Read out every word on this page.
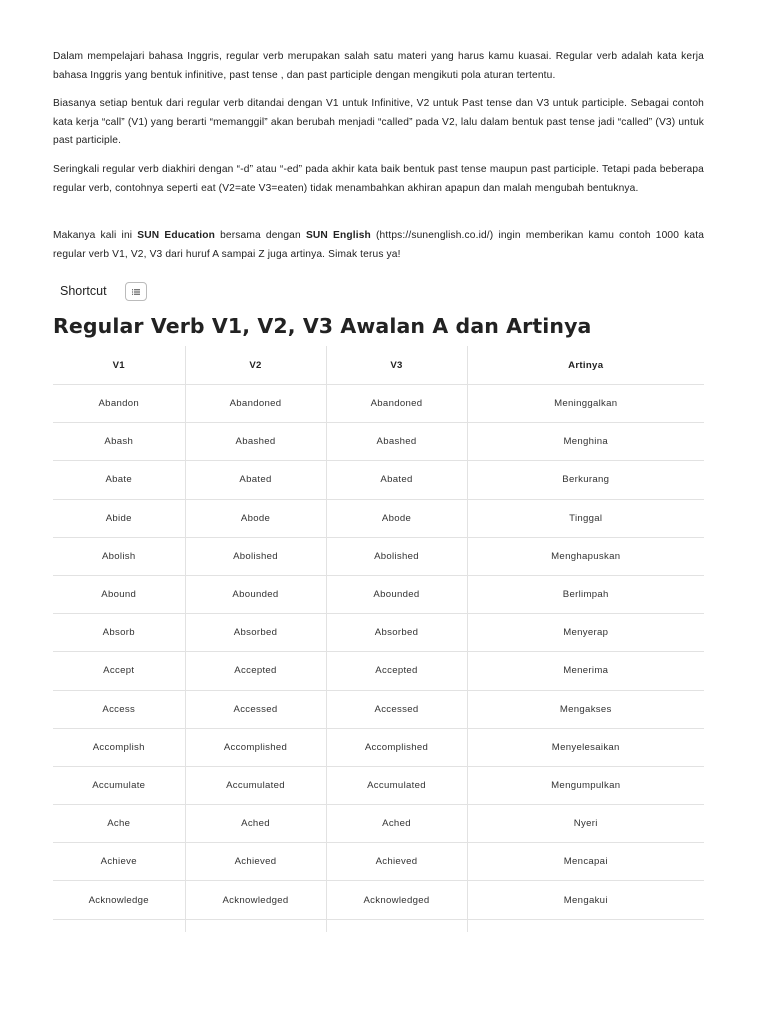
Dalam mempelajari bahasa Inggris, regular verb merupakan salah satu materi yang harus kamu kuasai. Regular verb adalah kata kerja bahasa Inggris yang bentuk infinitive, past tense , dan past participle dengan mengikuti pola aturan tertentu.

Biasanya setiap bentuk dari regular verb ditandai dengan V1 untuk Infinitive, V2 untuk Past tense dan V3 untuk participle. Sebagai contoh kata kerja “call” (V1) yang berarti “memanggil” akan berubah menjadi “called” pada V2, lalu dalam bentuk past tense jadi “called” (V3) untuk past participle.

Seringkali regular verb diakhiri dengan “-d” atau “-ed” pada akhir kata baik bentuk past tense maupun past participle. Tetapi pada beberapa regular verb, contohnya seperti eat (V2=ate V3=eaten) tidak menambahkan akhiran apapun dan malah mengubah bentuknya.

Makanya kali ini SUN Education bersama dengan SUN English (https://sunenglish.co.id/) ingin memberikan kamu contoh 1000 kata regular verb V1, V2, V3 dari huruf A sampai Z juga artinya. Simak terus ya!

Shortcut
Regular Verb V1, V2, V3 Awalan A dan Artinya
V1	V2	V3	Artinya
Abandon	Abandoned	Abandoned	Meninggalkan
Abash	Abashed	Abashed	Menghina
Abate	Abated	Abated	Berkurang
Abide	Abode	Abode	Tinggal
Abolish	Abolished	Abolished	Menghapuskan
Abound	Abounded	Abounded	Berlimpah
Absorb	Absorbed	Absorbed	Menyerap
Accept	Accepted	Accepted	Menerima
Access	Accessed	Accessed	Mengakses
Accomplish	Accomplished	Accomplished	Menyelesaikan
Accumulate	Accumulated	Accumulated	Mengumpulkan
Ache	Ached	Ached	Nyeri
Achieve	Achieved	Achieved	Mencapai
Acknowledge	Acknowledged	Acknowledged	Mengakui
